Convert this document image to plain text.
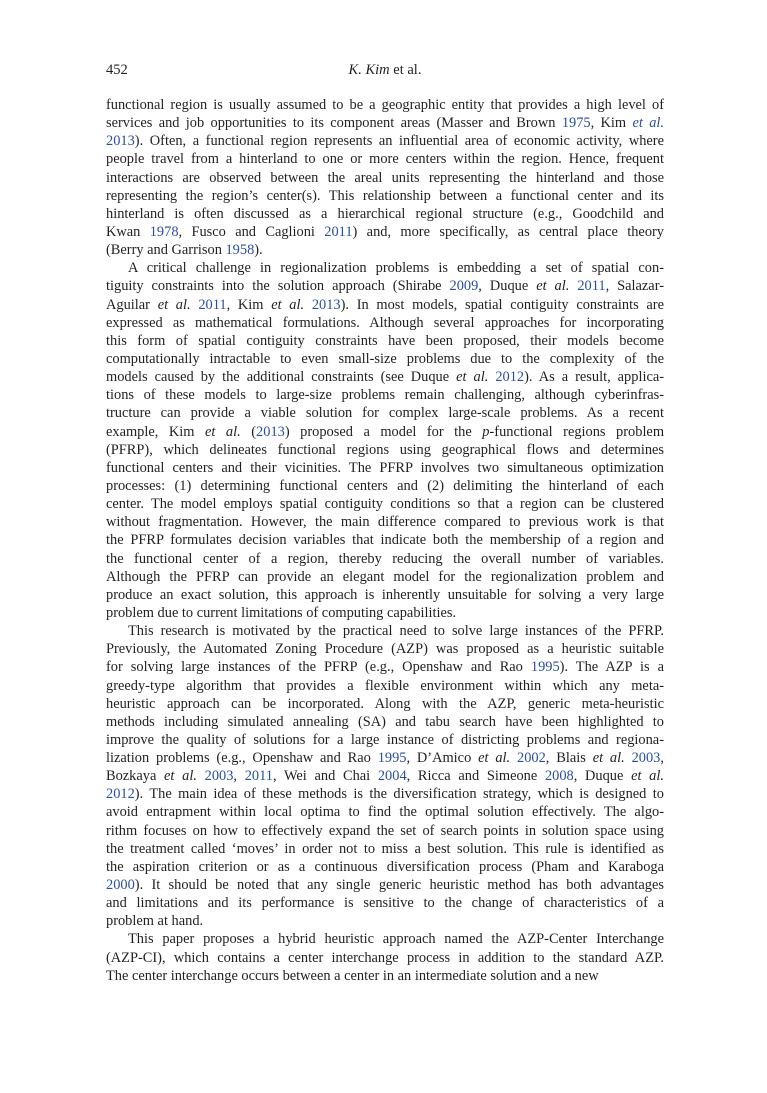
452	K. Kim et al.
functional region is usually assumed to be a geographic entity that provides a high level of
services and job opportunities to its component areas (Masser and Brown 1975, Kim et al.
2013). Often, a functional region represents an influential area of economic activity, where
people travel from a hinterland to one or more centers within the region. Hence, frequent
interactions are observed between the areal units representing the hinterland and those
representing the region’s center(s). This relationship between a functional center and its
hinterland is often discussed as a hierarchical regional structure (e.g., Goodchild and
Kwan 1978, Fusco and Caglioni 2011) and, more specifically, as central place theory
(Berry and Garrison 1958).
A critical challenge in regionalization problems is embedding a set of spatial con-
tiguity constraints into the solution approach (Shirabe 2009, Duque et al. 2011, Salazar-
Aguilar et al. 2011, Kim et al. 2013). In most models, spatial contiguity constraints are
expressed as mathematical formulations. Although several approaches for incorporating
this form of spatial contiguity constraints have been proposed, their models become
computationally intractable to even small-size problems due to the complexity of the
models caused by the additional constraints (see Duque et al. 2012). As a result, applica-
tions of these models to large-size problems remain challenging, although cyberinfras-
tructure can provide a viable solution for complex large-scale problems. As a recent
example, Kim et al. (2013) proposed a model for the p-functional regions problem
(PFRP), which delineates functional regions using geographical flows and determines
functional centers and their vicinities. The PFRP involves two simultaneous optimization
processes: (1) determining functional centers and (2) delimiting the hinterland of each
center. The model employs spatial contiguity conditions so that a region can be clustered
without fragmentation. However, the main difference compared to previous work is that
the PFRP formulates decision variables that indicate both the membership of a region and
the functional center of a region, thereby reducing the overall number of variables.
Although the PFRP can provide an elegant model for the regionalization problem and
produce an exact solution, this approach is inherently unsuitable for solving a very large
problem due to current limitations of computing capabilities.
This research is motivated by the practical need to solve large instances of the PFRP.
Previously, the Automated Zoning Procedure (AZP) was proposed as a heuristic suitable
for solving large instances of the PFRP (e.g., Openshaw and Rao 1995). The AZP is a
greedy-type algorithm that provides a flexible environment within which any meta-
heuristic approach can be incorporated. Along with the AZP, generic meta-heuristic
methods including simulated annealing (SA) and tabu search have been highlighted to
improve the quality of solutions for a large instance of districting problems and regiona-
lization problems (e.g., Openshaw and Rao 1995, D’Amico et al. 2002, Blais et al. 2003,
Bozkaya et al. 2003, 2011, Wei and Chai 2004, Ricca and Simeone 2008, Duque et al.
2012). The main idea of these methods is the diversification strategy, which is designed to
avoid entrapment within local optima to find the optimal solution effectively. The algo-
rithm focuses on how to effectively expand the set of search points in solution space using
the treatment called ‘moves’ in order not to miss a best solution. This rule is identified as
the aspiration criterion or as a continuous diversification process (Pham and Karaboga
2000). It should be noted that any single generic heuristic method has both advantages
and limitations and its performance is sensitive to the change of characteristics of a
problem at hand.
This paper proposes a hybrid heuristic approach named the AZP-Center Interchange
(AZP-CI), which contains a center interchange process in addition to the standard AZP.
The center interchange occurs between a center in an intermediate solution and a new
